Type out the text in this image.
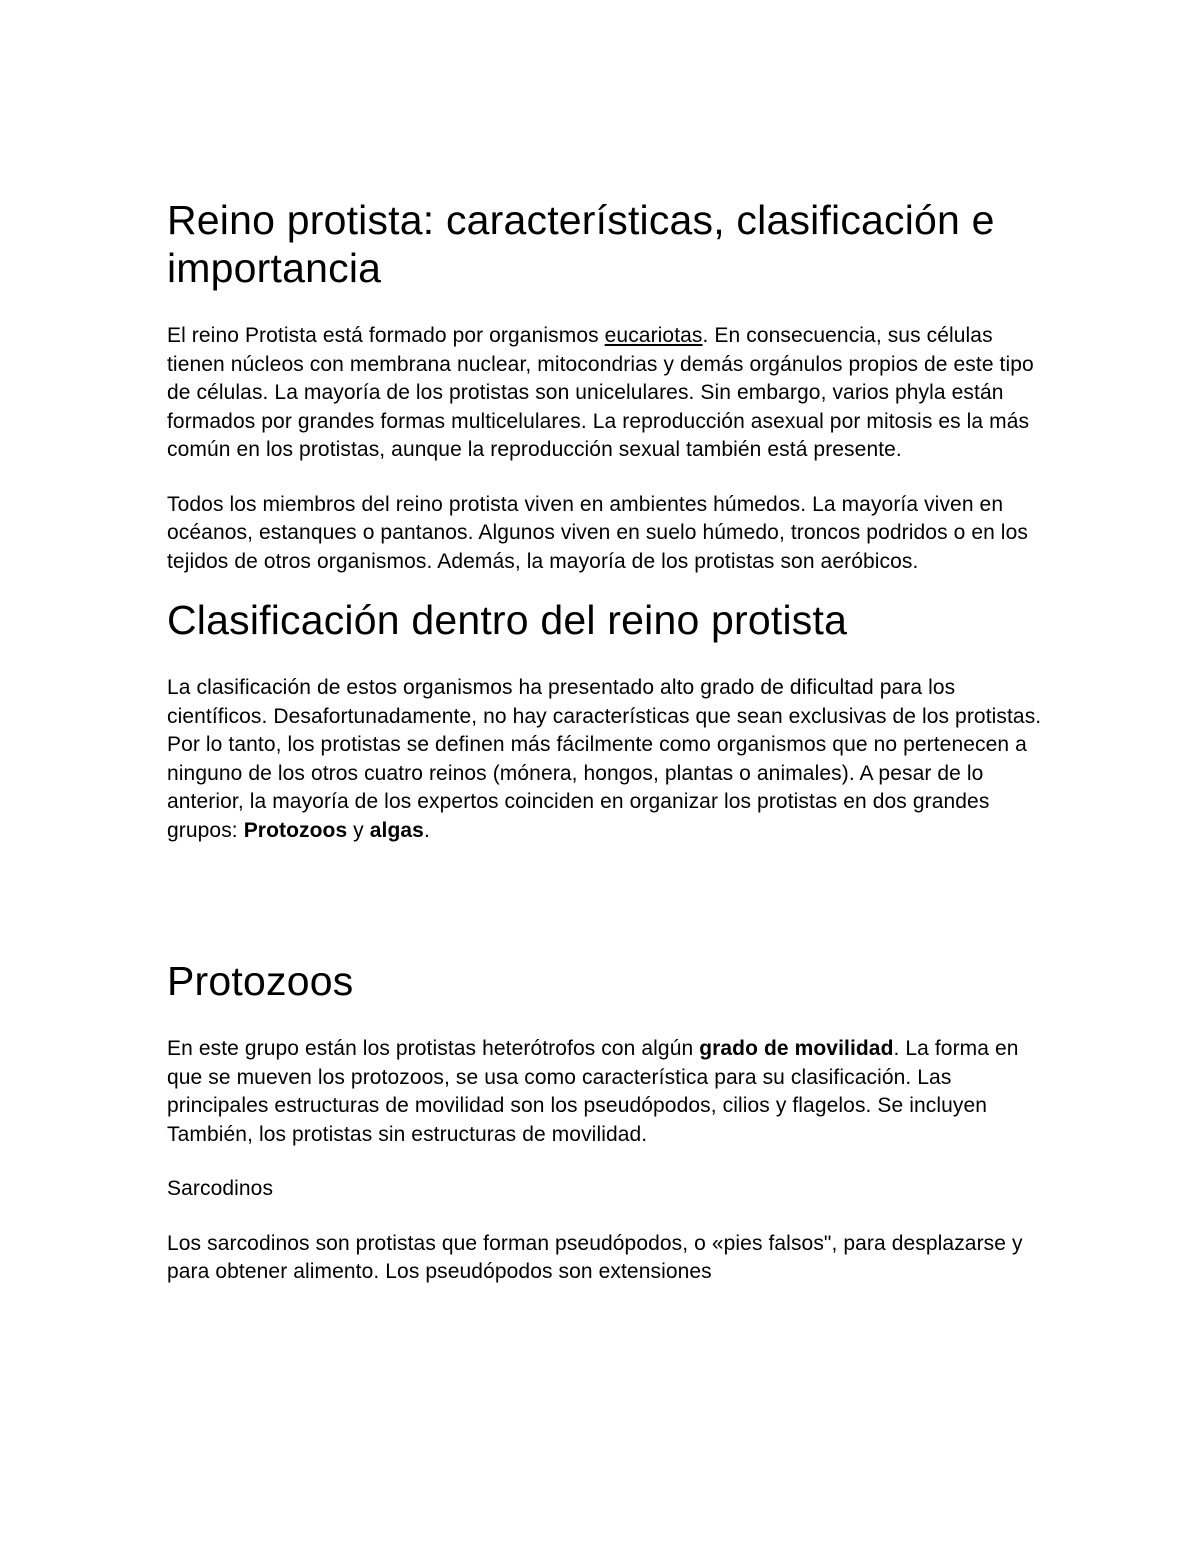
Reino protista: características, clasificación e importancia

El reino Protista está formado por organismos eucariotas. En consecuencia, sus células tienen núcleos con membrana nuclear, mitocondrias y demás orgánulos propios de este tipo de células. La mayoría de los protistas son unicelulares. Sin embargo, varios phyla están formados por grandes formas multicelulares. La reproducción asexual por mitosis es la más común en los protistas, aunque la reproducción sexual también está presente.

Todos los miembros del reino protista viven en ambientes húmedos. La mayoría viven en océanos, estanques o pantanos. Algunos viven en suelo húmedo, troncos podridos o en los tejidos de otros organismos. Además, la mayoría de los protistas son aeróbicos.

Clasificación dentro del reino protista

La clasificación de estos organismos ha presentado alto grado de dificultad para los científicos. Desafortunadamente, no hay características que sean exclusivas de los protistas. Por lo tanto, los protistas se definen más fácilmente como organismos que no pertenecen a ninguno de los otros cuatro reinos (mónera, hongos, plantas o animales). A pesar de lo anterior, la mayoría de los expertos coinciden en organizar los protistas en dos grandes grupos: Protozoos y algas.

Protozoos

En este grupo están los protistas heterótrofos con algún grado de movilidad. La forma en que se mueven los protozoos, se usa como característica para su clasificación. Las principales estructuras de movilidad son los pseudópodos, cilios y flagelos. Se incluyen También, los protistas sin estructuras de movilidad.

Sarcodinos

Los sarcodinos son protistas que forman pseudópodos, o «pies falsos", para desplazarse y para obtener alimento. Los pseudópodos son extensiones
